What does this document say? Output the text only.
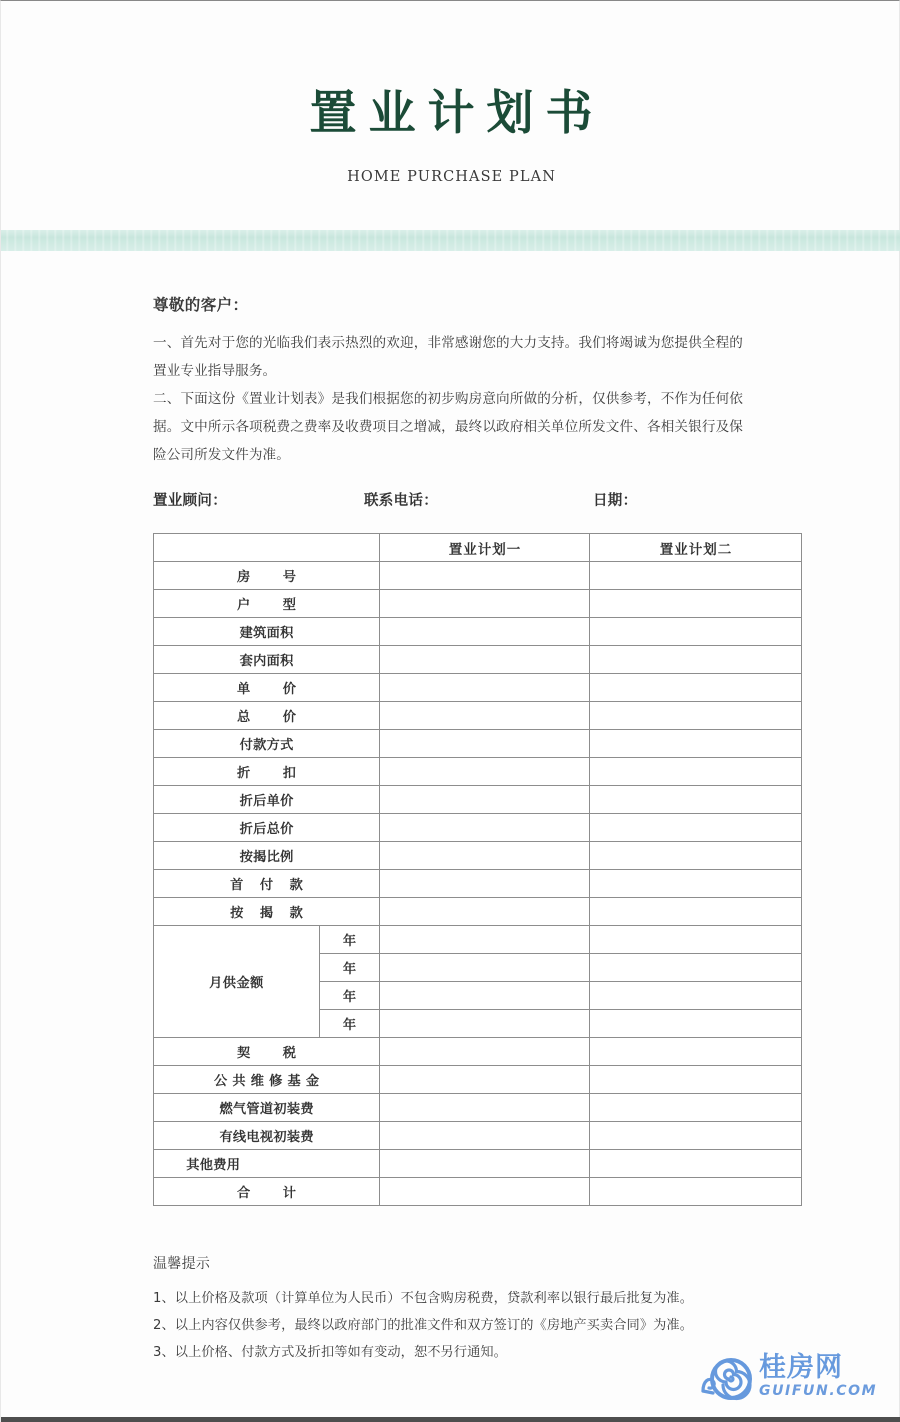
置业计划书
HOME PURCHASE PLAN

尊敬的客户：

一、首先对于您的光临我们表示热烈的欢迎，非常感谢您的大力支持。我们将竭诚为您提供全程的置业专业指导服务。

二、下面这份《置业计划表》是我们根据您的初步购房意向所做的分析，仅供参考，不作为任何依据。文中所示各项税费之费率及收费项目之增减，最终以政府相关单位所发文件、各相关银行及保险公司所发文件为准。

置业顾问：	联系电话：	日期：
		置业计划一	置业计划二
房 号			
户 型			
建筑面积			
套内面积			
单 价			
总 价			
付款方式			
折 扣			
折后单价			
折后总价			
按揭比例			
首 付 款			
按 揭 款			
月供金额	年		
	年		
	年		
	年		
契 税			
公 共 维 修 基 金			
燃气管道初装费			
有线电视初装费			
其他费用			
合 计			

温馨提示

1、以上价格及款项（计算单位为人民币）不包含购房税费，贷款利率以银行最后批复为准。

2、以上内容仅供参考，最终以政府部门的批准文件和双方签订的《房地产买卖合同》为准。

3、以上价格、付款方式及折扣等如有变动，恕不另行通知。	桂房网
GUIFUN.COM
